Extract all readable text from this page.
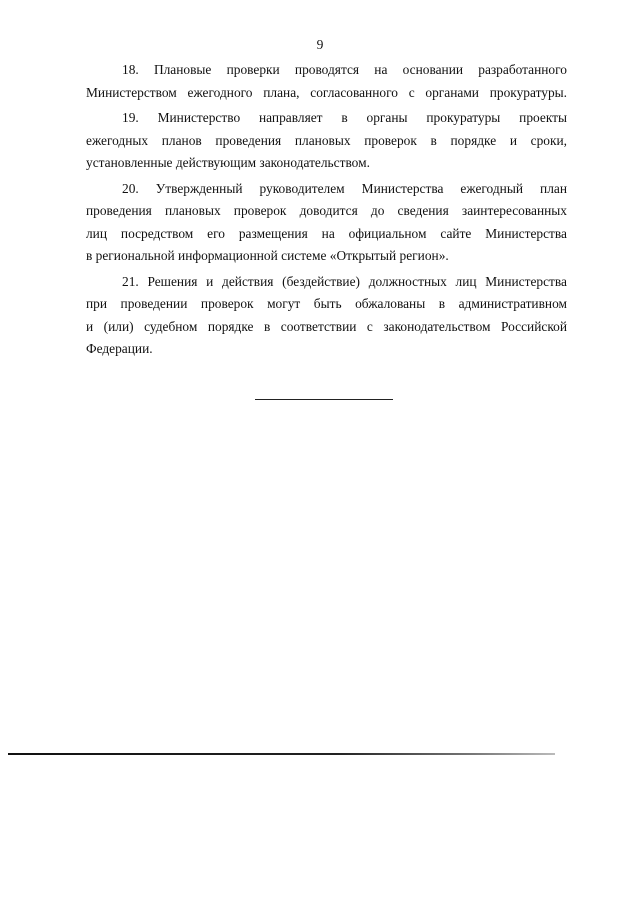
9
18. Плановые проверки проводятся на основании разработанного
Министерством ежегодного плана, согласованного с органами прокуратуры.
19. Министерство направляет в органы прокуратуры проекты
ежегодных планов проведения плановых проверок в порядке и сроки,
установленные действующим законодательством.
20. Утвержденный руководителем Министерства ежегодный план
проведения плановых проверок доводится до сведения заинтересованных
лиц посредством его размещения на официальном сайте Министерства
в региональной информационной системе «Открытый регион».
21. Решения и действия (бездействие) должностных лиц Министерства
при проведении проверок могут быть обжалованы в административном
и (или) судебном порядке в соответствии с законодательством Российской
Федерации.
